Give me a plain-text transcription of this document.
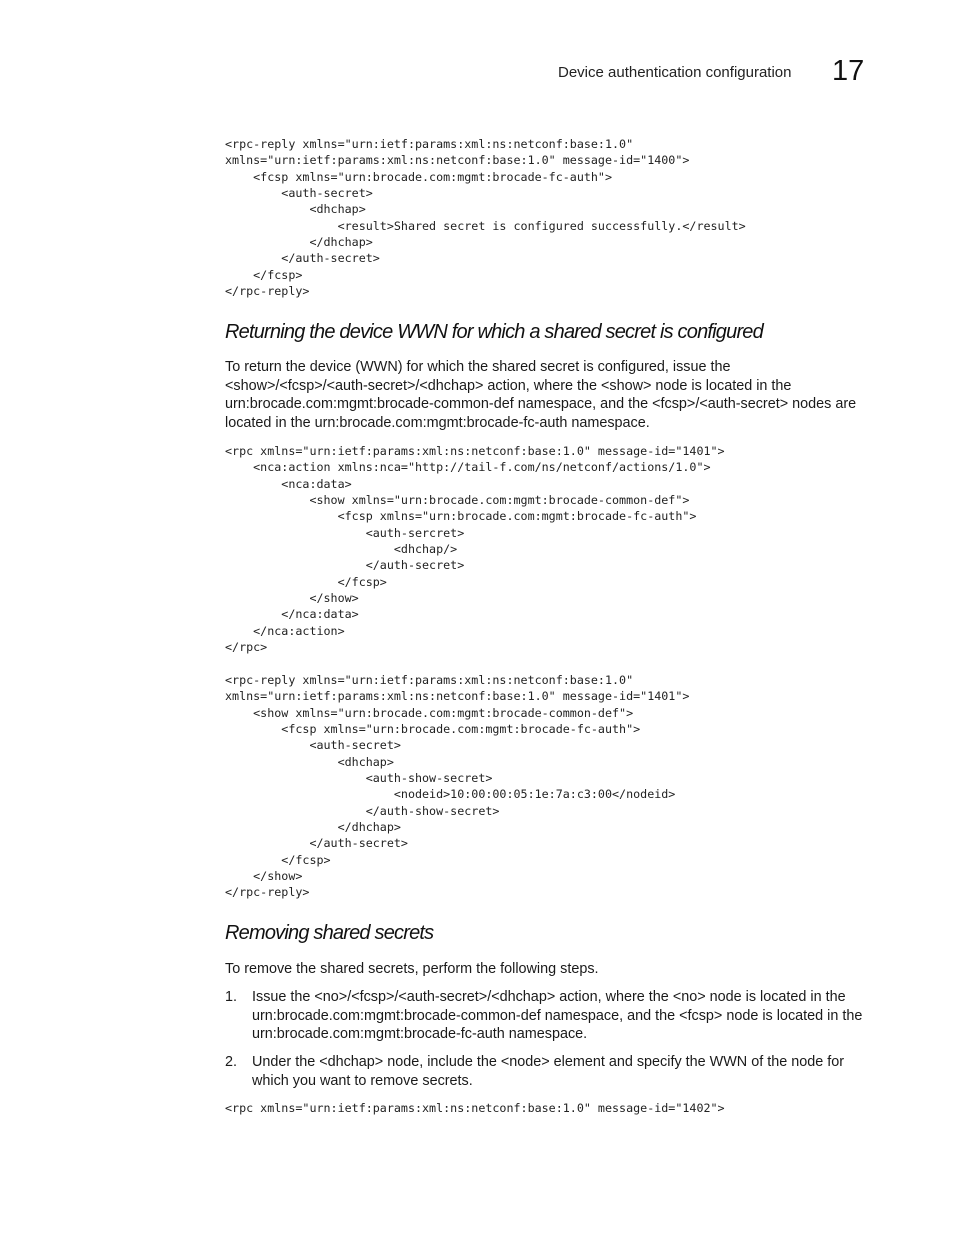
Device authentication configuration 17
<rpc-reply xmlns="urn:ietf:params:xml:ns:netconf:base:1.0"
xmlns="urn:ietf:params:xml:ns:netconf:base:1.0" message-id="1400">
<fcsp xmlns="urn:brocade.com:mgmt:brocade-fc-auth">
<auth-secret>
<dhchap>
<result>Shared secret is configured successfully.</result>
</dhchap>
</auth-secret>
</fcsp>
</rpc-reply>
Returning the device WWN for which a shared secret is configured

To return the device (WWN) for which the shared secret is configured, issue the <show>/<fcsp>/<auth-secret>/<dhchap> action, where the <show> node is located in the urn:brocade.com:mgmt:brocade-common-def namespace, and the <fcsp>/<auth-secret> nodes are located in the urn:brocade.com:mgmt:brocade-fc-auth namespace.

<rpc xmlns="urn:ietf:params:xml:ns:netconf:base:1.0" message-id="1401">
<nca:action xmlns:nca="http://tail-f.com/ns/netconf/actions/1.0">
<nca:data>
<show xmlns="urn:brocade.com:mgmt:brocade-common-def">
<fcsp xmlns="urn:brocade.com:mgmt:brocade-fc-auth">
<auth-sercret>
<dhchap/>
</auth-secret>
</fcsp>
</show>
</nca:data>
</nca:action>
</rpc>
<rpc-reply xmlns="urn:ietf:params:xml:ns:netconf:base:1.0"
xmlns="urn:ietf:params:xml:ns:netconf:base:1.0" message-id="1401">
<show xmlns="urn:brocade.com:mgmt:brocade-common-def">
<fcsp xmlns="urn:brocade.com:mgmt:brocade-fc-auth">
<auth-secret>
<dhchap>
<auth-show-secret>
<nodeid>10:00:00:05:1e:7a:c3:00</nodeid>
</auth-show-secret>
</dhchap>
</auth-secret>
</fcsp>
</show>
</rpc-reply>
Removing shared secrets

To remove the shared secrets, perform the following steps.

1. Issue the <no>/<fcsp>/<auth-secret>/<dhchap> action, where the <no> node is located in the urn:brocade.com:mgmt:brocade-common-def namespace, and the <fcsp> node is located in the urn:brocade.com:mgmt:brocade-fc-auth namespace.
2. Under the <dhchap> node, include the <node> element and specify the WWN of the node for which you want to remove secrets.
<rpc xmlns="urn:ietf:params:xml:ns:netconf:base:1.0" message-id="1402">
